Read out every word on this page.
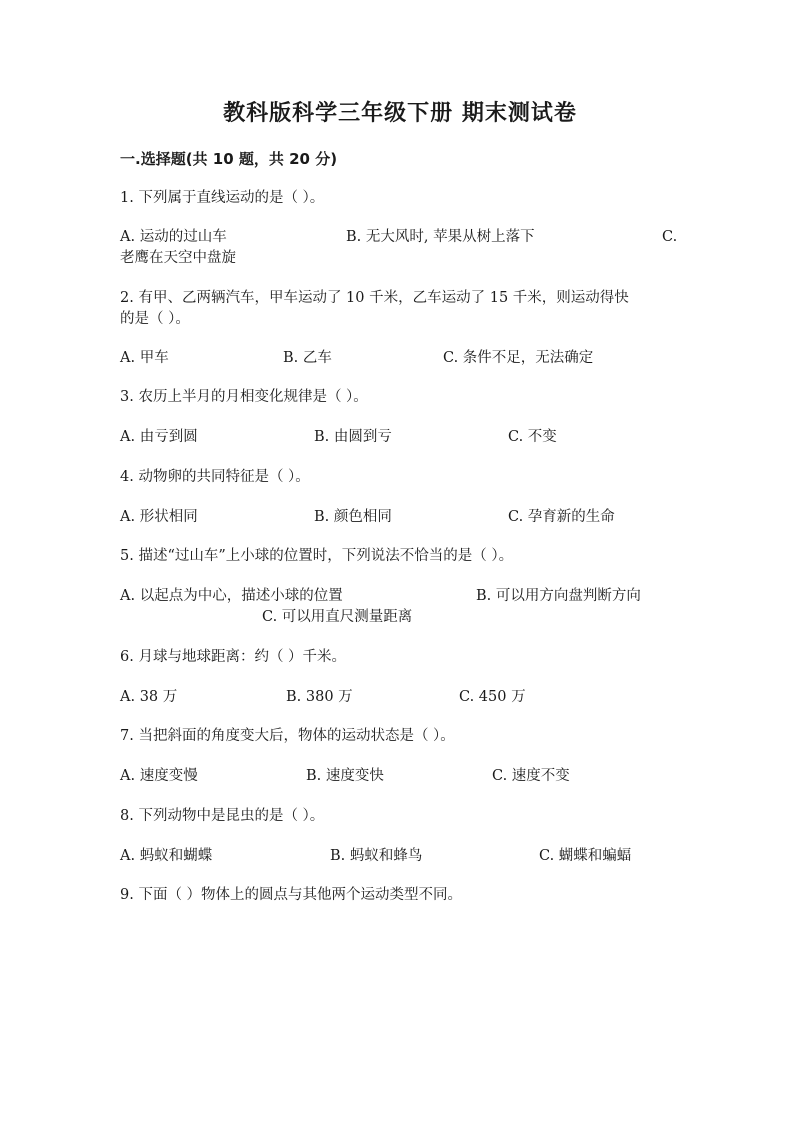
教科版科学三年级下册 期末测试卷
一.选择题(共 10 题，共 20 分)
1. 下列属于直线运动的是（ ）。
A. 运动的过山车	B. 无大风时, 苹果从树上落下	C.
老鹰在天空中盘旋
2. 有甲、乙两辆汽车，甲车运动了 10 千米，乙车运动了 15 千米，则运动得快
的是（ ）。
A. 甲车	B. 乙车	C. 条件不足，无法确定
3. 农历上半月的月相变化规律是（ ）。
A. 由亏到圆	B. 由圆到亏	C. 不变
4. 动物卵的共同特征是（ ）。
A. 形状相同	B. 颜色相同	C. 孕育新的生命
5. 描述“过山车”上小球的位置时，下列说法不恰当的是（ ）。
A. 以起点为中心，描述小球的位置	B. 可以用方向盘判断方向
C. 可以用直尺测量距离
6. 月球与地球距离：约（ ）千米。
A. 38 万	B. 380 万	C. 450 万
7. 当把斜面的角度变大后，物体的运动状态是（ ）。
A. 速度变慢	B. 速度变快	C. 速度不变
8. 下列动物中是昆虫的是（ ）。
A. 蚂蚁和蝴蝶	B. 蚂蚁和蜂鸟	C. 蝴蝶和蝙蝠
9. 下面（ ）物体上的圆点与其他两个运动类型不同。
